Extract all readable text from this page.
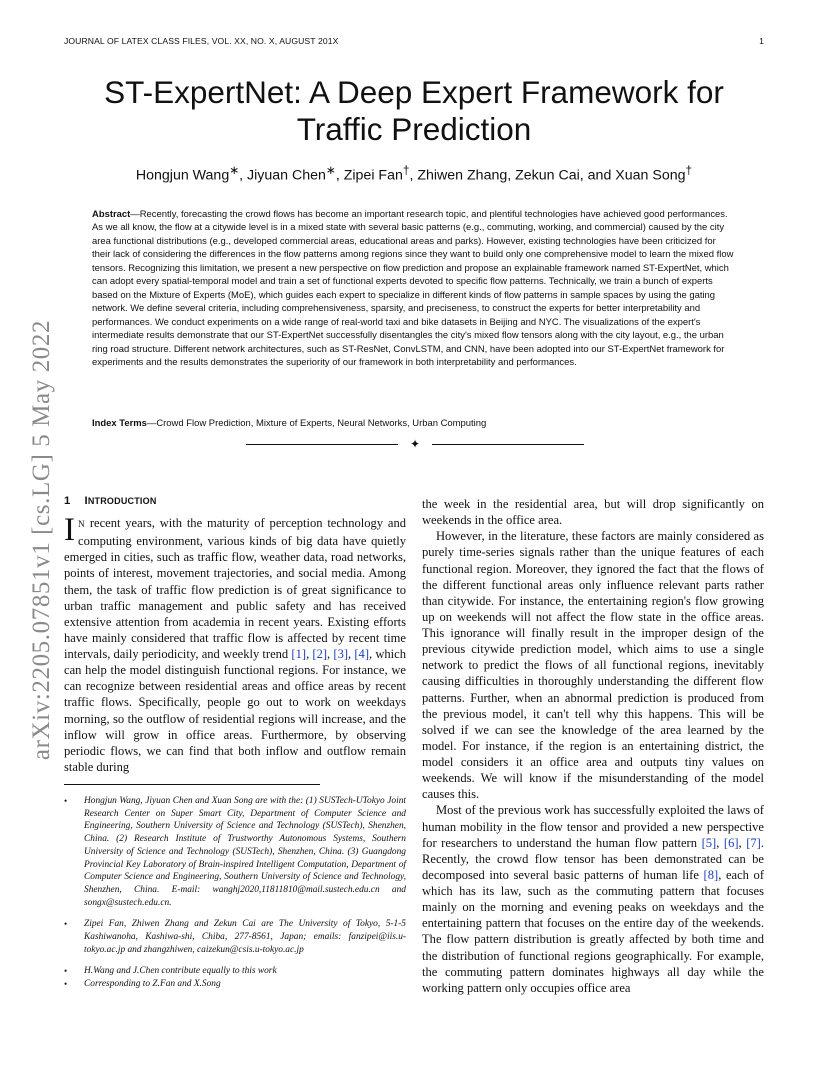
JOURNAL OF LATEX CLASS FILES, VOL. XX, NO. X, AUGUST 201X	1
arXiv:2205.07851v1 [cs.LG] 5 May 2022
ST-ExpertNet: A Deep Expert Framework for
Traffic Prediction
Hongjun Wang∗, Jiyuan Chen∗, Zipei Fan†, Zhiwen Zhang, Zekun Cai, and Xuan Song†

Abstract—Recently, forecasting the crowd flows has become an important research topic, and plentiful technologies have achieved good performances. As we all know, the flow at a citywide level is in a mixed state with several basic patterns (e.g., commuting, working, and commercial) caused by the city area functional distributions (e.g., developed commercial areas, educational areas and parks). However, existing technologies have been criticized for their lack of considering the differences in the flow patterns among regions since they want to build only one comprehensive model to learn the mixed flow tensors. Recognizing this limitation, we present a new perspective on flow prediction and propose an explainable framework named ST-ExpertNet, which can adopt every spatial-temporal model and train a set of functional experts devoted to specific flow patterns. Technically, we train a bunch of experts based on the Mixture of Experts (MoE), which guides each expert to specialize in different kinds of flow patterns in sample spaces by using the gating network. We define several criteria, including comprehensiveness, sparsity, and preciseness, to construct the experts for better interpretability and performances. We conduct experiments on a wide range of real-world taxi and bike datasets in Beijing and NYC. The visualizations of the expert's intermediate results demonstrate that our ST-ExpertNet successfully disentangles the city's mixed flow tensors along with the city layout, e.g., the urban ring road structure. Different network architectures, such as ST-ResNet, ConvLSTM, and CNN, have been adopted into our ST-ExpertNet framework for experiments and the results demonstrates the superiority of our framework in both interpretability and performances.

Index Terms—Crowd Flow Prediction, Mixture of Experts, Neural Networks, Urban Computing
✦
1 INTRODUCTION

I N recent years, with the maturity of perception technology and computing environment, various kinds of big data have quietly emerged in cities, such as traffic flow, weather data, road networks, points of interest, movement trajectories, and social media. Among them, the task of traffic flow prediction is of great significance to urban traffic management and public safety and has received extensive attention from academia in recent years. Existing efforts have mainly considered that traffic flow is affected by recent time intervals, daily periodicity, and weekly trend [1], [2], [3], [4], which can help the model distinguish functional regions. For instance, we can recognize between residential areas and office areas by recent traffic flows. Specifically, people go out to work on weekdays morning, so the outflow of residential regions will increase, and the inflow will grow in office areas. Furthermore, by observing periodic flows, we can find that both inflow and outflow remain stable during

• Hongjun Wang, Jiyuan Chen and Xuan Song are with the: (1) SUSTech-UTokyo Joint Research Center on Super Smart City, Department of Computer Science and Engineering, Southern University of Science and Technology (SUSTech), Shenzhen, China. (2) Research Institute of Trustworthy Autonomous Systems, Southern University of Science and Technology (SUSTech), Shenzhen, China. (3) Guangdong Provincial Key Laboratory of Brain-inspired Intelligent Computation, Department of Computer Science and Engineering, Southern University of Science and Technology, Shenzhen, China. E-mail: wanghj2020,11811810@mail.sustech.edu.cn and songx@sustech.edu.cn.
• Zipei Fan, Zhiwen Zhang and Zekun Cai are The University of Tokyo, 5-1-5 Kashiwanoha, Kashiwa-shi, Chiba, 277-8561, Japan; emails: fanzipei@iis.u-tokyo.ac.jp and zhangzhiwen, caizekun@csis.u-tokyo.ac.jp
• H.Wang and J.Chen contribute equally to this work
• Corresponding to Z.Fan and X.Song

the week in the residential area, but will drop significantly on weekends in the office area.

However, in the literature, these factors are mainly considered as purely time-series signals rather than the unique features of each functional region. Moreover, they ignored the fact that the flows of the different functional areas only influence relevant parts rather than citywide. For instance, the entertaining region's flow growing up on weekends will not affect the flow state in the office areas. This ignorance will finally result in the improper design of the previous citywide prediction model, which aims to use a single network to predict the flows of all functional regions, inevitably causing difficulties in thoroughly understanding the different flow patterns. Further, when an abnormal prediction is produced from the previous model, it can't tell why this happens. This will be solved if we can see the knowledge of the area learned by the model. For instance, if the region is an entertaining district, the model considers it an office area and outputs tiny values on weekends. We will know if the misunderstanding of the model causes this.

Most of the previous work has successfully exploited the laws of human mobility in the flow tensor and provided a new perspective for researchers to understand the human flow pattern [5], [6], [7]. Recently, the crowd flow tensor has been demonstrated can be decomposed into several basic patterns of human life [8], each of which has its law, such as the commuting pattern that focuses mainly on the morning and evening peaks on weekdays and the entertaining pattern that focuses on the entire day of the weekends. The flow pattern distribution is greatly affected by both time and the distribution of functional regions geographically. For example, the commuting pattern dominates highways all day while the working pattern only occupies office area
